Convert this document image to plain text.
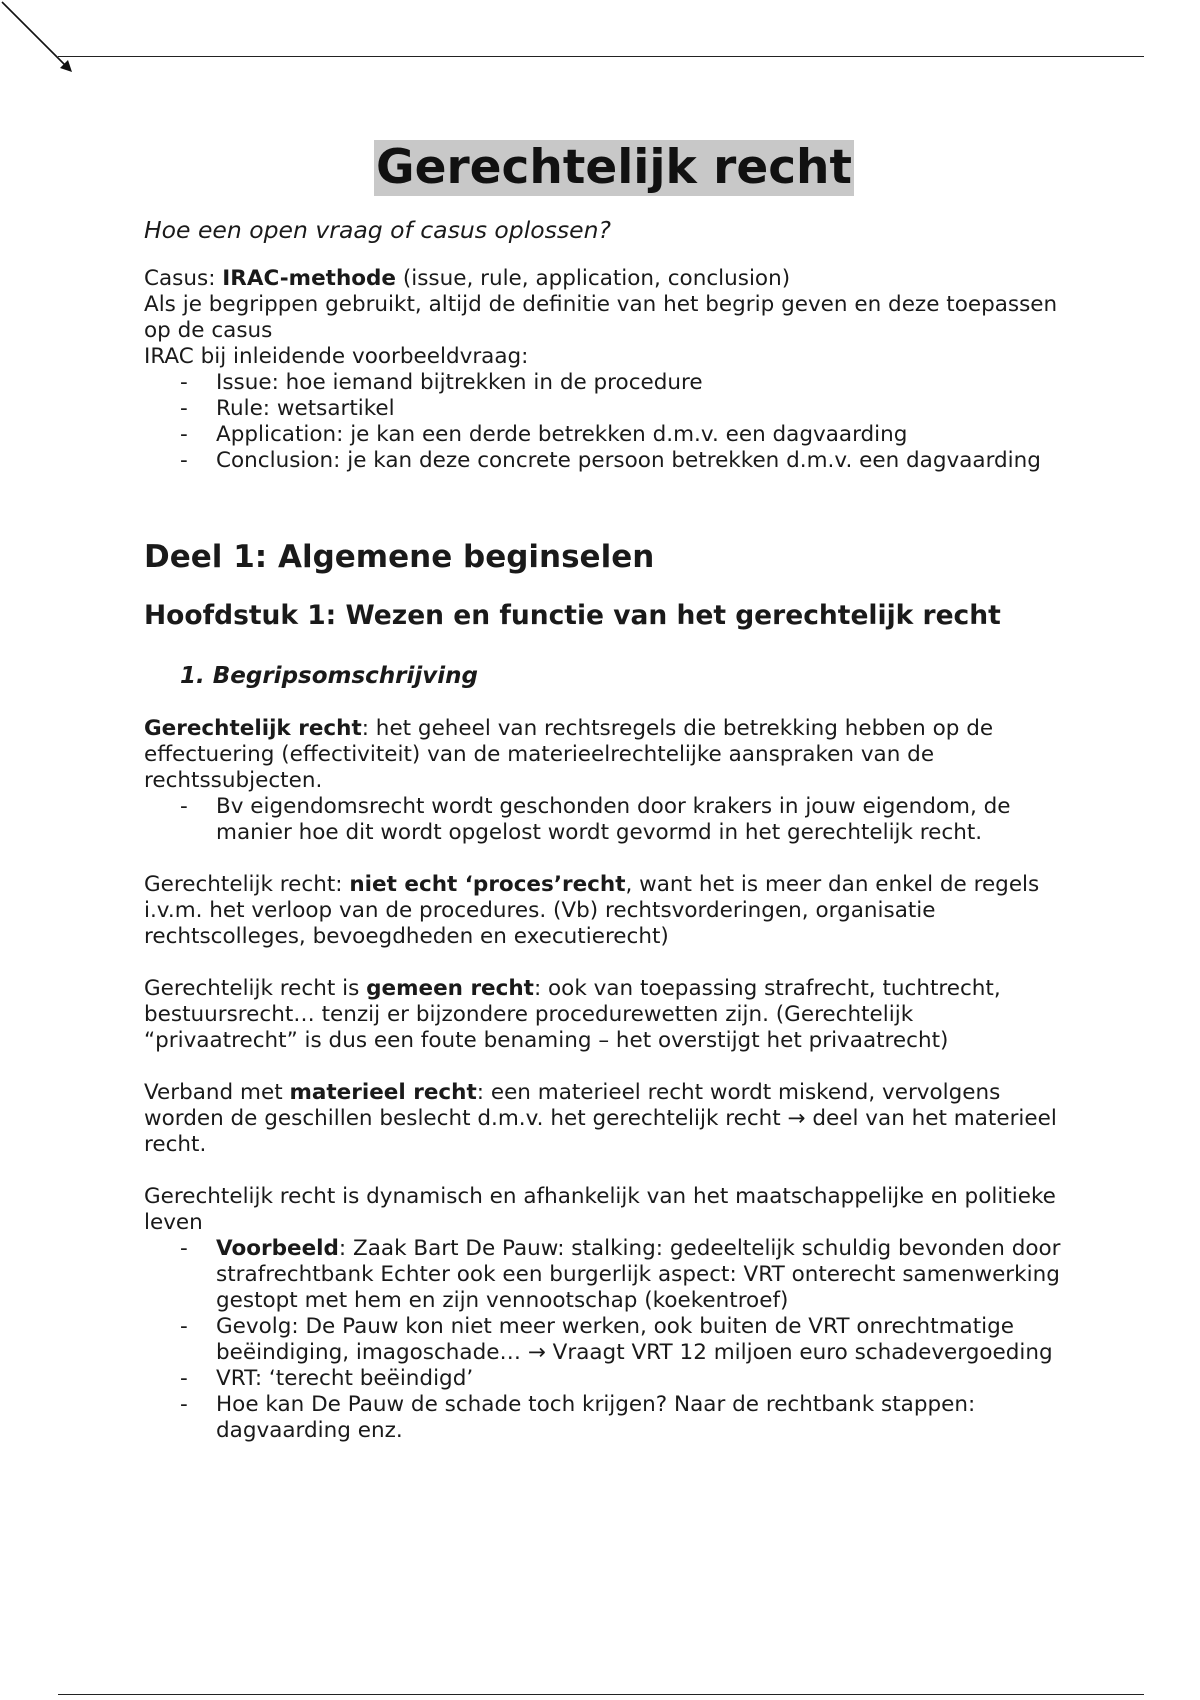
Gerechtelijk recht

Hoe een open vraag of casus oplossen?

Casus: IRAC-methode (issue, rule, application, conclusion)

Als je begrippen gebruikt, altijd de definitie van het begrip geven en deze toepassen op de casus

IRAC bij inleidende voorbeeldvraag:

- Issue: hoe iemand bijtrekken in de procedure
- Rule: wetsartikel
- Application: je kan een derde betrekken d.m.v. een dagvaarding
- Conclusion: je kan deze concrete persoon betrekken d.m.v. een dagvaarding
Deel 1: Algemene beginselen
Hoofdstuk 1: Wezen en functie van het gerechtelijk recht
1. Begripsomschrijving

Gerechtelijk recht: het geheel van rechtsregels die betrekking hebben op de effectuering (effectiviteit) van de materieelrechtelijke aanspraken van de rechtssubjecten.

- Bv eigendomsrecht wordt geschonden door krakers in jouw eigendom, de manier hoe dit wordt opgelost wordt gevormd in het gerechtelijk recht.

Gerechtelijk recht: niet echt ‘proces’recht, want het is meer dan enkel de regels i.v.m. het verloop van de procedures. (Vb) rechtsvorderingen, organisatie rechtscolleges, bevoegdheden en executierecht)

Gerechtelijk recht is gemeen recht: ook van toepassing strafrecht, tuchtrecht, bestuursrecht… tenzij er bijzondere procedurewetten zijn. (Gerechtelijk “privaatrecht” is dus een foute benaming – het overstijgt het privaatrecht)

Verband met materieel recht: een materieel recht wordt miskend, vervolgens worden de geschillen beslecht d.m.v. het gerechtelijk recht → deel van het materieel recht.

Gerechtelijk recht is dynamisch en afhankelijk van het maatschappelijke en politieke leven

- Voorbeeld: Zaak Bart De Pauw: stalking: gedeeltelijk schuldig bevonden door strafrechtbank Echter ook een burgerlijk aspect: VRT onterecht samenwerking gestopt met hem en zijn vennootschap (koekentroef)
- Gevolg: De Pauw kon niet meer werken, ook buiten de VRT onrechtmatige beëindiging, imagoschade… → Vraagt VRT 12 miljoen euro schadevergoeding
- VRT: ‘terecht beëindigd’
- Hoe kan De Pauw de schade toch krijgen? Naar de rechtbank stappen: dagvaarding enz.
